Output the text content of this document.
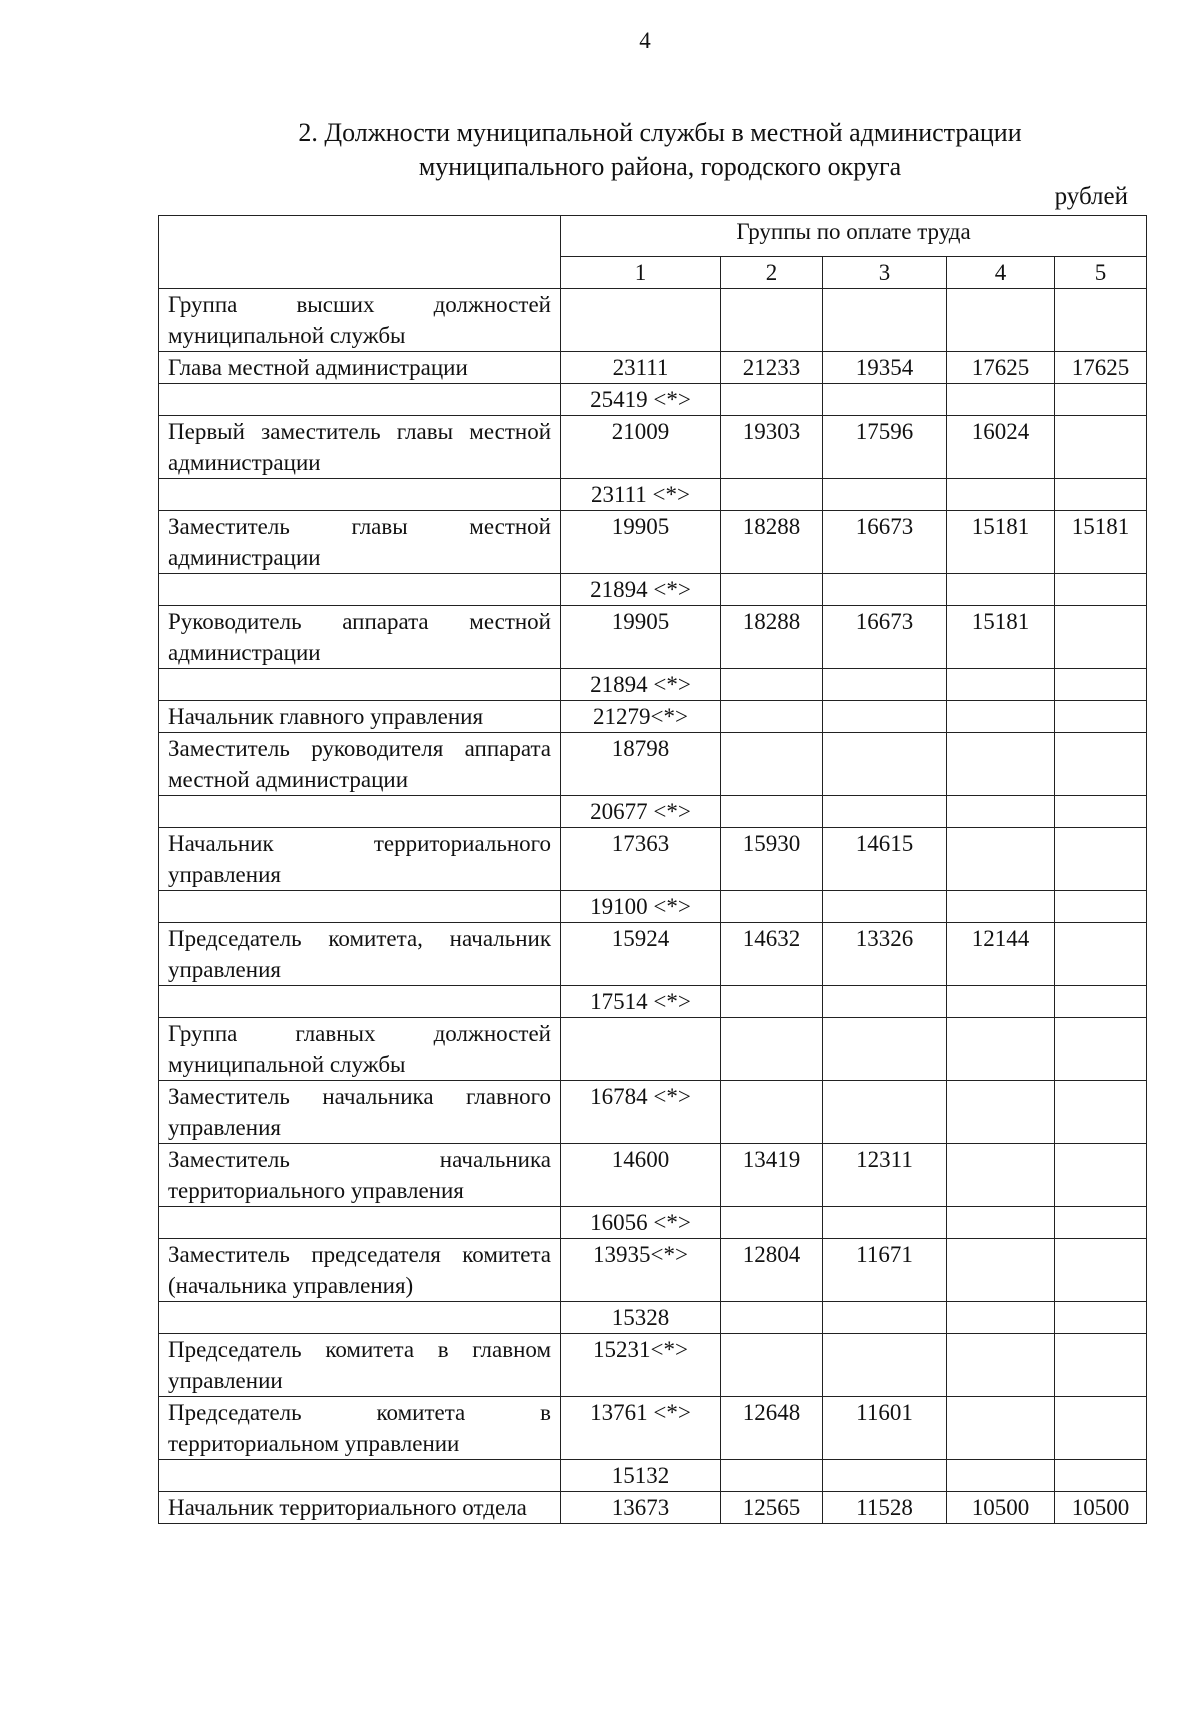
4
2. Должности муниципальной службы в местной администрации
муниципального района, городского округа
рублей
	Группы по оплате труда				
	1	2	3	4	5
Группа высших должностей муниципальной службы					
Глава местной администрации	23111	21233	19354	17625	17625
	25419 <*>				
Первый заместитель главы местной администрации	21009	19303	17596	16024	
	23111 <*>				
Заместитель главы местной администрации	19905	18288	16673	15181	15181
	21894 <*>				
Руководитель аппарата местной администрации	19905	18288	16673	15181	
	21894 <*>				
Начальник главного управления	21279<*>				
Заместитель руководителя аппарата местной администрации	18798				
	20677 <*>				
Начальник территориального управления	17363	15930	14615		
	19100 <*>				
Председатель комитета, начальник управления	15924	14632	13326	12144	
	17514 <*>				
Группа главных должностей муниципальной службы					
Заместитель начальника главного управления	16784 <*>				
Заместитель начальника территориального управления	14600	13419	12311		
	16056 <*>				
Заместитель председателя комитета (начальника управления)	13935<*>	12804	11671		
	15328				
Председатель комитета в главном управлении	15231<*>				
Председатель комитета в территориальном управлении	13761 <*>	12648	11601		
	15132				
Начальник территориального отдела	13673	12565	11528	10500	10500
